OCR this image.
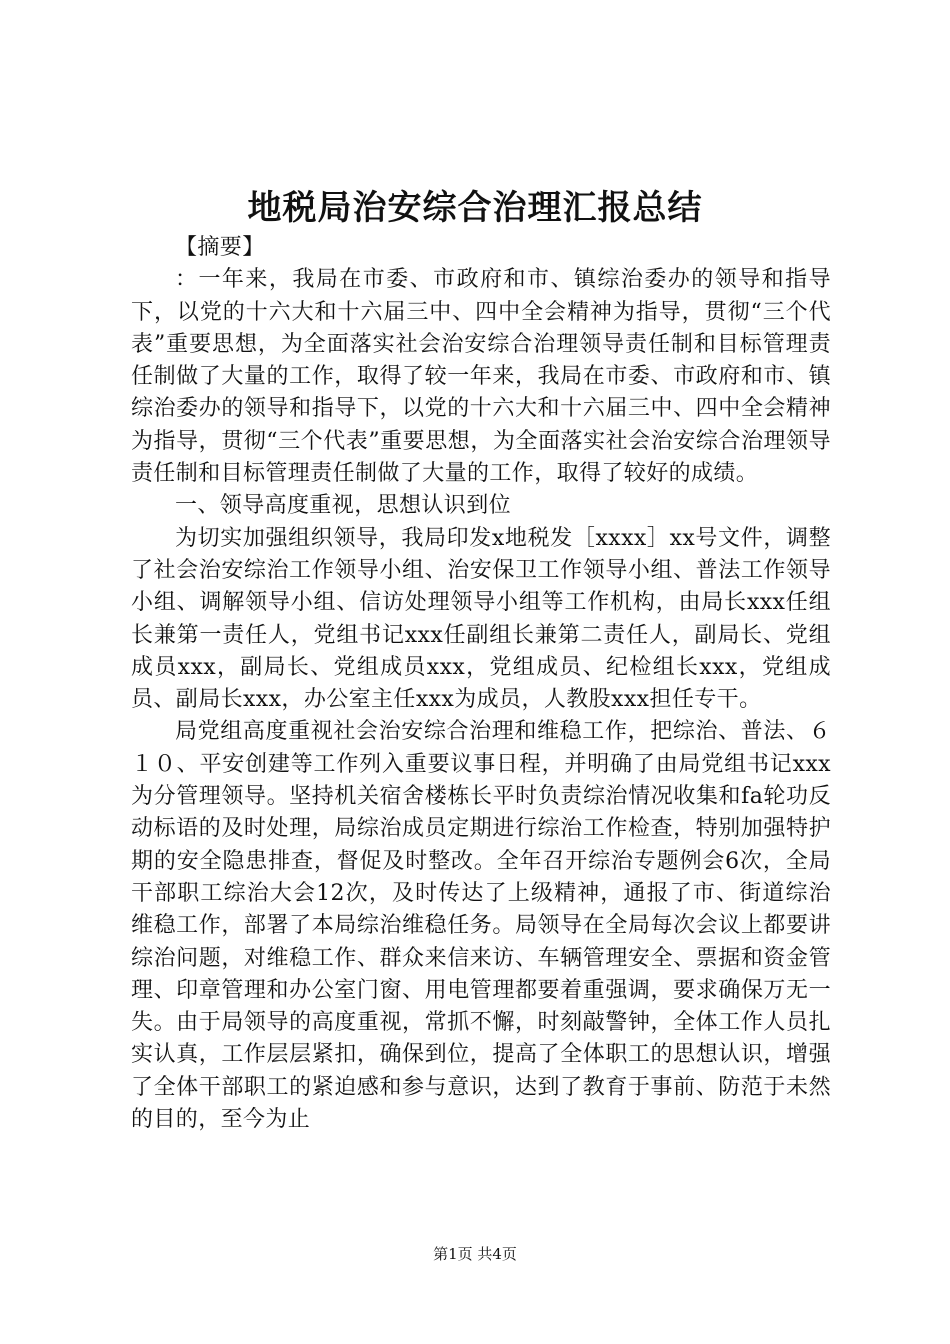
地税局治安综合治理汇报总结

【摘要】

：一年来，我局在市委、市政府和市、镇综治委办的领导和指导下，以党的十六大和十六届三中、四中全会精神为指导，贯彻“三个代表”重要思想，为全面落实社会治安综合治理领导责任制和目标管理责任制做了大量的工作，取得了较一年来，我局在市委、市政府和市、镇综治委办的领导和指导下，以党的十六大和十六届三中、四中全会精神为指导，贯彻“三个代表”重要思想，为全面落实社会治安综合治理领导责任制和目标管理责任制做了大量的工作，取得了较好的成绩。

一、领导高度重视，思想认识到位

为切实加强组织领导，我局印发x地税发［xxxx］xx号文件，调整了社会治安综治工作领导小组、治安保卫工作领导小组、普法工作领导小组、调解领导小组、信访处理领导小组等工作机构，由局长xxx任组长兼第一责任人，党组书记xxx任副组长兼第二责任人，副局长、党组成员xxx，副局长、党组成员xxx，党组成员、纪检组长xxx，党组成员、副局长xxx，办公室主任xxx为成员，人教股xxx担任专干。

局党组高度重视社会治安综合治理和维稳工作，把综治、普法、６１０、平安创建等工作列入重要议事日程，并明确了由局党组书记xxx为分管理领导。坚持机关宿舍楼栋长平时负责综治情况收集和fa轮功反动标语的及时处理，局综治成员定期进行综治工作检查，特别加强特护期的安全隐患排查，督促及时整改。全年召开综治专题例会6次，全局干部职工综治大会12次，及时传达了上级精神，通报了市、街道综治维稳工作，部署了本局综治维稳任务。局领导在全局每次会议上都要讲综治问题，对维稳工作、群众来信来访、车辆管理安全、票据和资金管理、印章管理和办公室门窗、用电管理都要着重强调，要求确保万无一失。由于局领导的高度重视，常抓不懈，时刻敲警钟，全体工作人员扎实认真，工作层层紧扣，确保到位，提高了全体职工的思想认识，增强了全体干部职工的紧迫感和参与意识，达到了教育于事前、防范于未然的目的，至今为止

第1页 共4页
